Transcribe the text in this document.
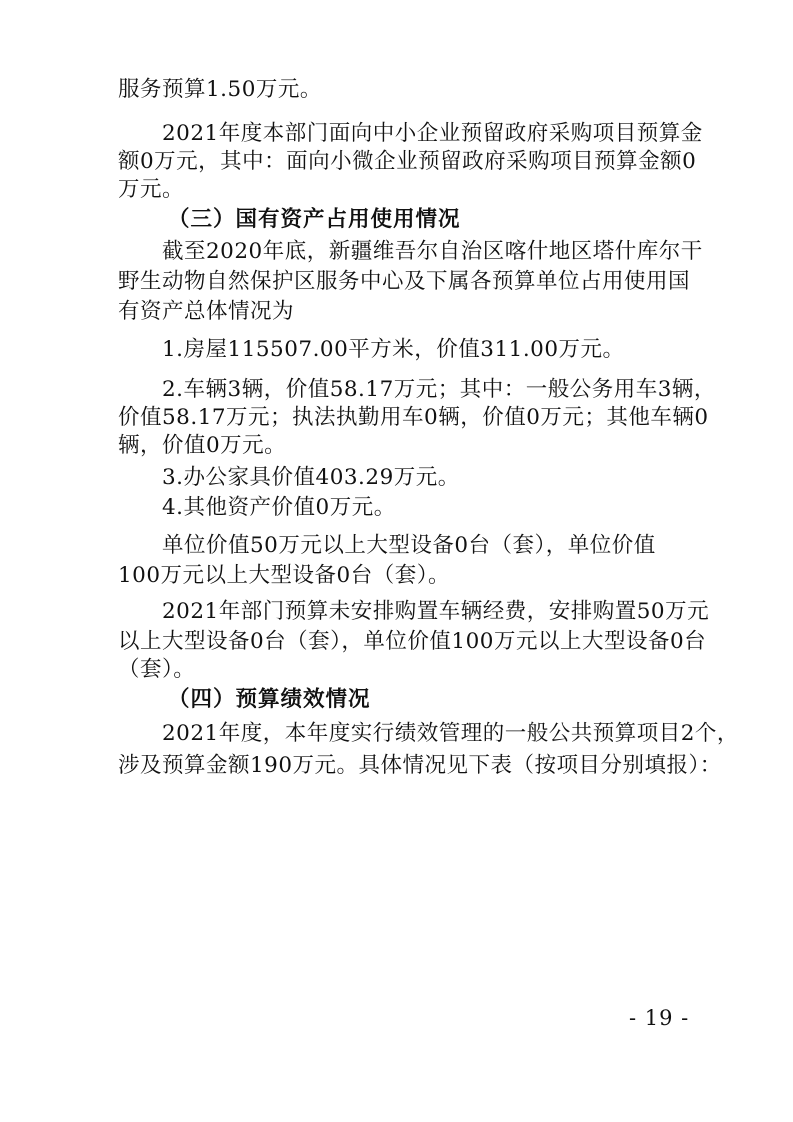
服务预算1.50万元。
2021年度本部门面向中小企业预留政府采购项目预算金
额0万元，其中：面向小微企业预留政府采购项目预算金额0
万元。
（三）国有资产占用使用情况
截至2020年底，新疆维吾尔自治区喀什地区塔什库尔干
野生动物自然保护区服务中心及下属各预算单位占用使用国
有资产总体情况为
1.房屋115507.00平方米，价值311.00万元。
2.车辆3辆，价值58.17万元；其中：一般公务用车3辆，
价值58.17万元；执法执勤用车0辆，价值0万元；其他车辆0
辆，价值0万元。
3.办公家具价值403.29万元。
4.其他资产价值0万元。
单位价值50万元以上大型设备0台（套），单位价值
100万元以上大型设备0台（套）。
2021年部门预算未安排购置车辆经费，安排购置50万元
以上大型设备0台（套），单位价值100万元以上大型设备0台
（套）。
（四）预算绩效情况
2021年度，本年度实行绩效管理的一般公共预算项目2个，
涉及预算金额190万元。具体情况见下表（按项目分别填报）：
- 19 -
